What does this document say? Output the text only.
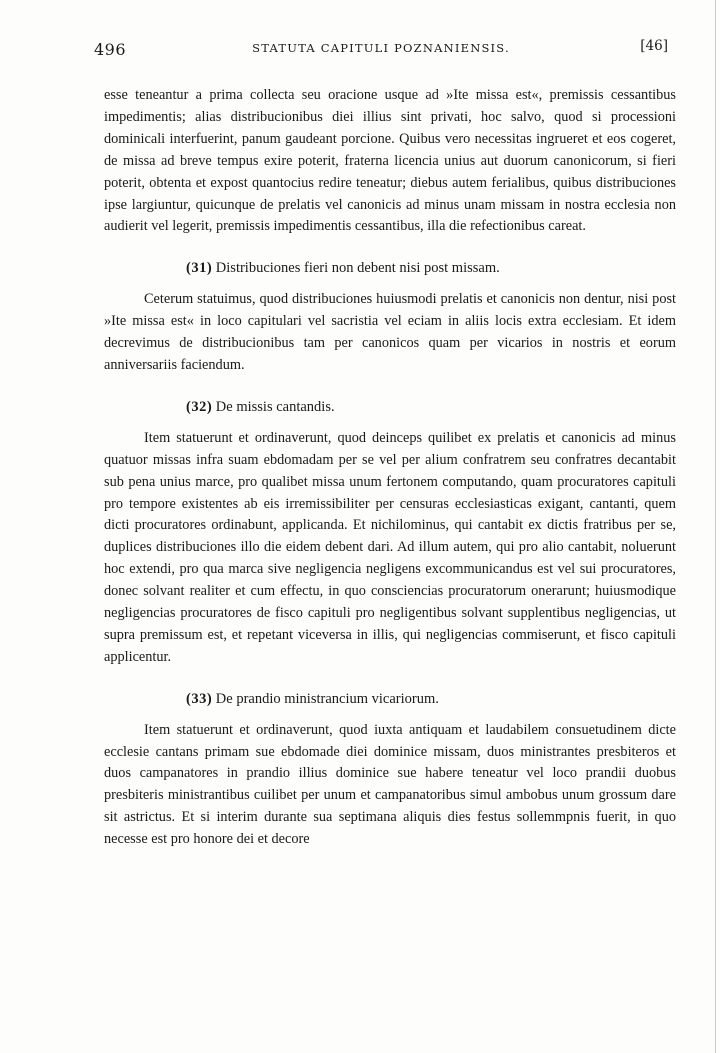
496	STATUTA CAPITULI POZNANIENSIS.	[46]

esse teneantur a prima collecta seu oracione usque ad »Ite missa est«, premissis cessantibus impedimentis; alias distribucionibus diei illius sint privati, hoc salvo, quod si processioni dominicali interfuerint, panum gaudeant porcione. Quibus vero necessitas ingrueret et eos cogeret, de missa ad breve tempus exire poterit, fraterna licencia unius aut duorum canonicorum, si fieri poterit, obtenta et expost quantocius redire teneatur; diebus autem ferialibus, quibus distribuciones ipse largiuntur, quicunque de prelatis vel canonicis ad minus unam missam in nostra ecclesia non audierit vel legerit, premissis impedimentis cessantibus, illa die refectionibus careat.

(31) Distribuciones fieri non debent nisi post missam.

Ceterum statuimus, quod distribuciones huiusmodi prelatis et canonicis non dentur, nisi post »Ite missa est« in loco capitulari vel sacristia vel eciam in aliis locis extra ecclesiam. Et idem decrevimus de distribucionibus tam per canonicos quam per vicarios in nostris et eorum anniversariis faciendum.

(32) De missis cantandis.

Item statuerunt et ordinaverunt, quod deinceps quilibet ex prelatis et canonicis ad minus quatuor missas infra suam ebdomadam per se vel per alium confratrem seu confratres decantabit sub pena unius marce, pro qualibet missa unum fertonem computando, quam procuratores capituli pro tempore existentes ab eis irremissibiliter per censuras ecclesiasticas exigant, cantanti, quem dicti procuratores ordinabunt, applicanda. Et nichilominus, qui cantabit ex dictis fratribus per se, duplices distribuciones illo die eidem debent dari. Ad illum autem, qui pro alio cantabit, noluerunt hoc extendi, pro qua marca sive negligencia negligens excommunicandus est vel sui procuratores, donec solvant realiter et cum effectu, in quo consciencias procuratorum onerarunt; huiusmodique negligencias procuratores de fisco capituli pro negligentibus solvant supplentibus negligencias, ut supra premissum est, et repetant viceversa in illis, qui negligencias commiserunt, et fisco capituli applicentur.

(33) De prandio ministrancium vicariorum.

Item statuerunt et ordinaverunt, quod iuxta antiquam et laudabilem consuetudinem dicte ecclesie cantans primam sue ebdomade diei dominice missam, duos ministrantes presbiteros et duos campanatores in prandio illius dominice sue habere teneatur vel loco prandii duobus presbiteris ministrantibus cuilibet per unum et campanatoribus simul ambobus unum grossum dare sit astrictus. Et si interim durante sua septimana aliquis dies festus sollemmpnis fuerit, in quo necesse est pro honore dei et decore
